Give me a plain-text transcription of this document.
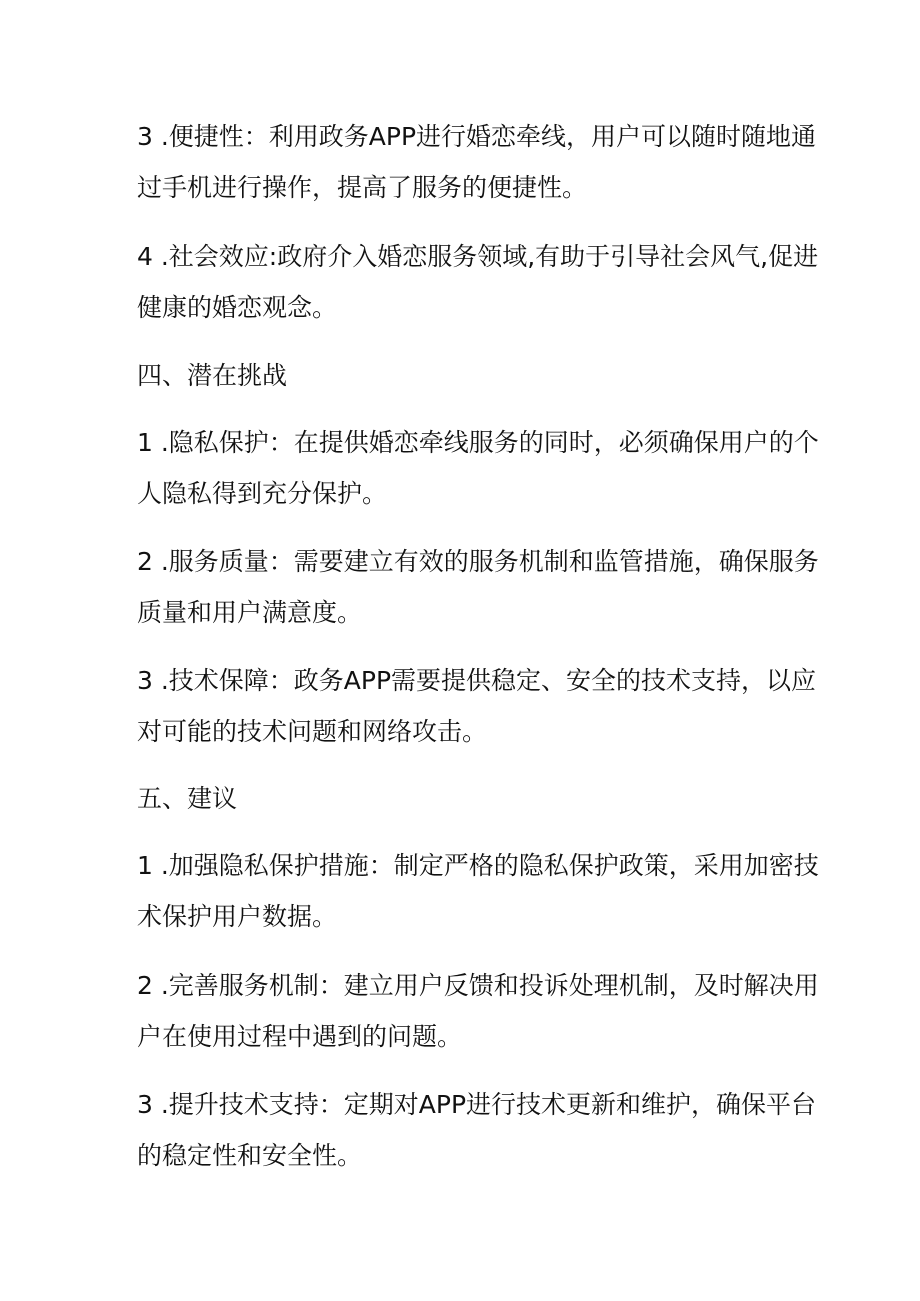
3 .便捷性：利用政务APP进行婚恋牵线，用户可以随时随地通
过手机进行操作，提高了服务的便捷性。
4 .社会效应:政府介入婚恋服务领域,有助于引导社会风气,促进
健康的婚恋观念。
四、潜在挑战
1 .隐私保护：在提供婚恋牵线服务的同时，必须确保用户的个
人隐私得到充分保护。
2 .服务质量：需要建立有效的服务机制和监管措施，确保服务
质量和用户满意度。
3 .技术保障：政务APP需要提供稳定、安全的技术支持，以应
对可能的技术问题和网络攻击。
五、建议
1 .加强隐私保护措施：制定严格的隐私保护政策，采用加密技
术保护用户数据。
2 .完善服务机制：建立用户反馈和投诉处理机制，及时解决用
户在使用过程中遇到的问题。
3 .提升技术支持：定期对APP进行技术更新和维护，确保平台
的稳定性和安全性。
